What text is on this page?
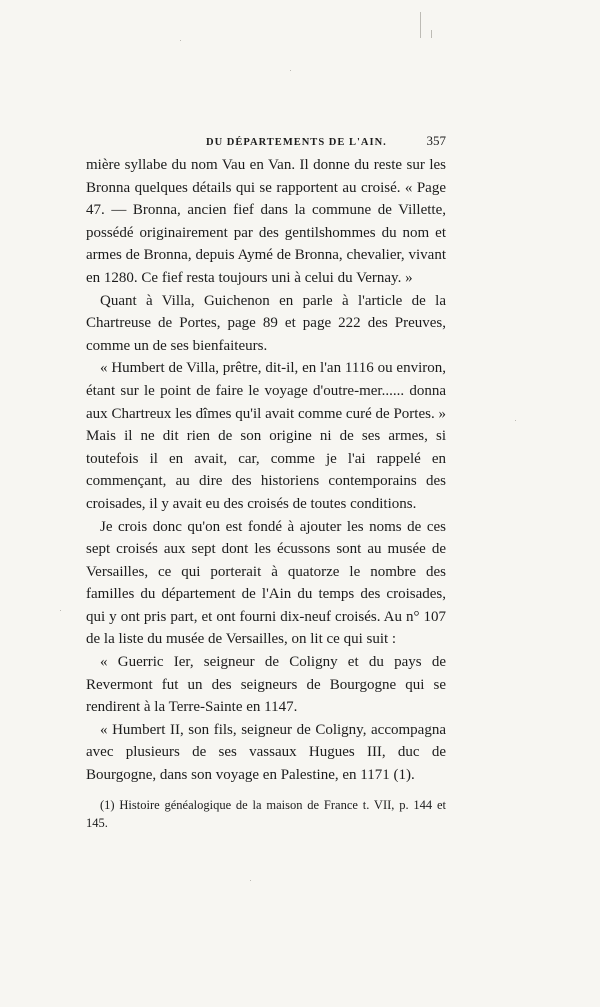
DU DÉPARTEMENTS DE L'AIN.	357

mière syllabe du nom Vau en Van. Il donne du reste sur les Bronna quelques détails qui se rapportent au croisé. « Page 47. — Bronna, ancien fief dans la commune de Villette, possédé originairement par des gentilshommes du nom et armes de Bronna, depuis Aymé de Bronna, chevalier, vivant en 1280. Ce fief resta toujours uni à celui du Vernay. »

Quant à Villa, Guichenon en parle à l'article de la Chartreuse de Portes, page 89 et page 222 des Preuves, comme un de ses bienfaiteurs.

« Humbert de Villa, prêtre, dit-il, en l'an 1116 ou environ, étant sur le point de faire le voyage d'outre-mer...... donna aux Chartreux les dîmes qu'il avait comme curé de Portes. » Mais il ne dit rien de son origine ni de ses armes, si toutefois il en avait, car, comme je l'ai rappelé en commençant, au dire des historiens contemporains des croisades, il y avait eu des croisés de toutes conditions.

Je crois donc qu'on est fondé à ajouter les noms de ces sept croisés aux sept dont les écussons sont au musée de Versailles, ce qui porterait à quatorze le nombre des familles du département de l'Ain du temps des croisades, qui y ont pris part, et ont fourni dix-neuf croisés. Au n° 107 de la liste du musée de Versailles, on lit ce qui suit :

« Guerric Ier, seigneur de Coligny et du pays de Revermont fut un des seigneurs de Bourgogne qui se rendirent à la Terre-Sainte en 1147.

« Humbert II, son fils, seigneur de Coligny, accompagna avec plusieurs de ses vassaux Hugues III, duc de Bourgogne, dans son voyage en Palestine, en 1171 (1).

(1) Histoire généalogique de la maison de France t. VII, p. 144 et 145.
